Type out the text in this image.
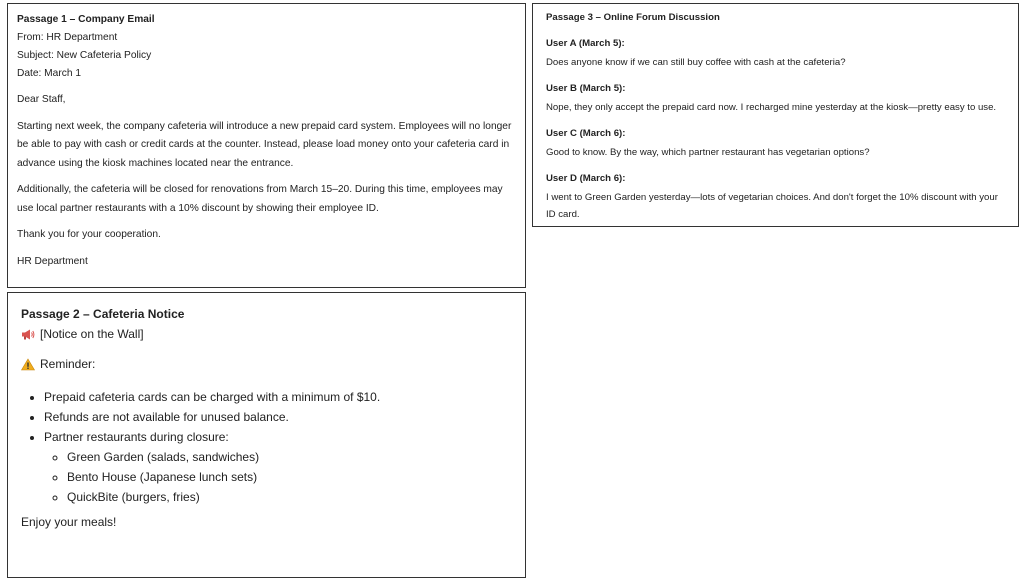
Passage 1 – Company Email
From: HR Department
Subject: New Cafeteria Policy
Date: March 1
Dear Staff,
Starting next week, the company cafeteria will introduce a new prepaid card system. Employees will no longer be able to pay with cash or credit cards at the counter. Instead, please load money onto your cafeteria card in advance using the kiosk machines located near the entrance.
Additionally, the cafeteria will be closed for renovations from March 15–20. During this time, employees may use local partner restaurants with a 10% discount by showing their employee ID.
Thank you for your cooperation.
HR Department
Passage 2 – Cafeteria Notice
[Notice on the Wall]
Reminder:
• Prepaid cafeteria cards can be charged with a minimum of $10.
• Refunds are not available for unused balance.
• Partner restaurants during closure:
◦ Green Garden (salads, sandwiches)
◦ Bento House (Japanese lunch sets)
◦ QuickBite (burgers, fries)
Enjoy your meals!
Passage 3 – Online Forum Discussion
User A (March 5):
Does anyone know if we can still buy coffee with cash at the cafeteria?
User B (March 5):
Nope, they only accept the prepaid card now. I recharged mine yesterday at the kiosk—pretty easy to use.
User C (March 6):
Good to know. By the way, which partner restaurant has vegetarian options?
User D (March 6):
I went to Green Garden yesterday—lots of vegetarian choices. And don't forget the 10% discount with your ID card.
